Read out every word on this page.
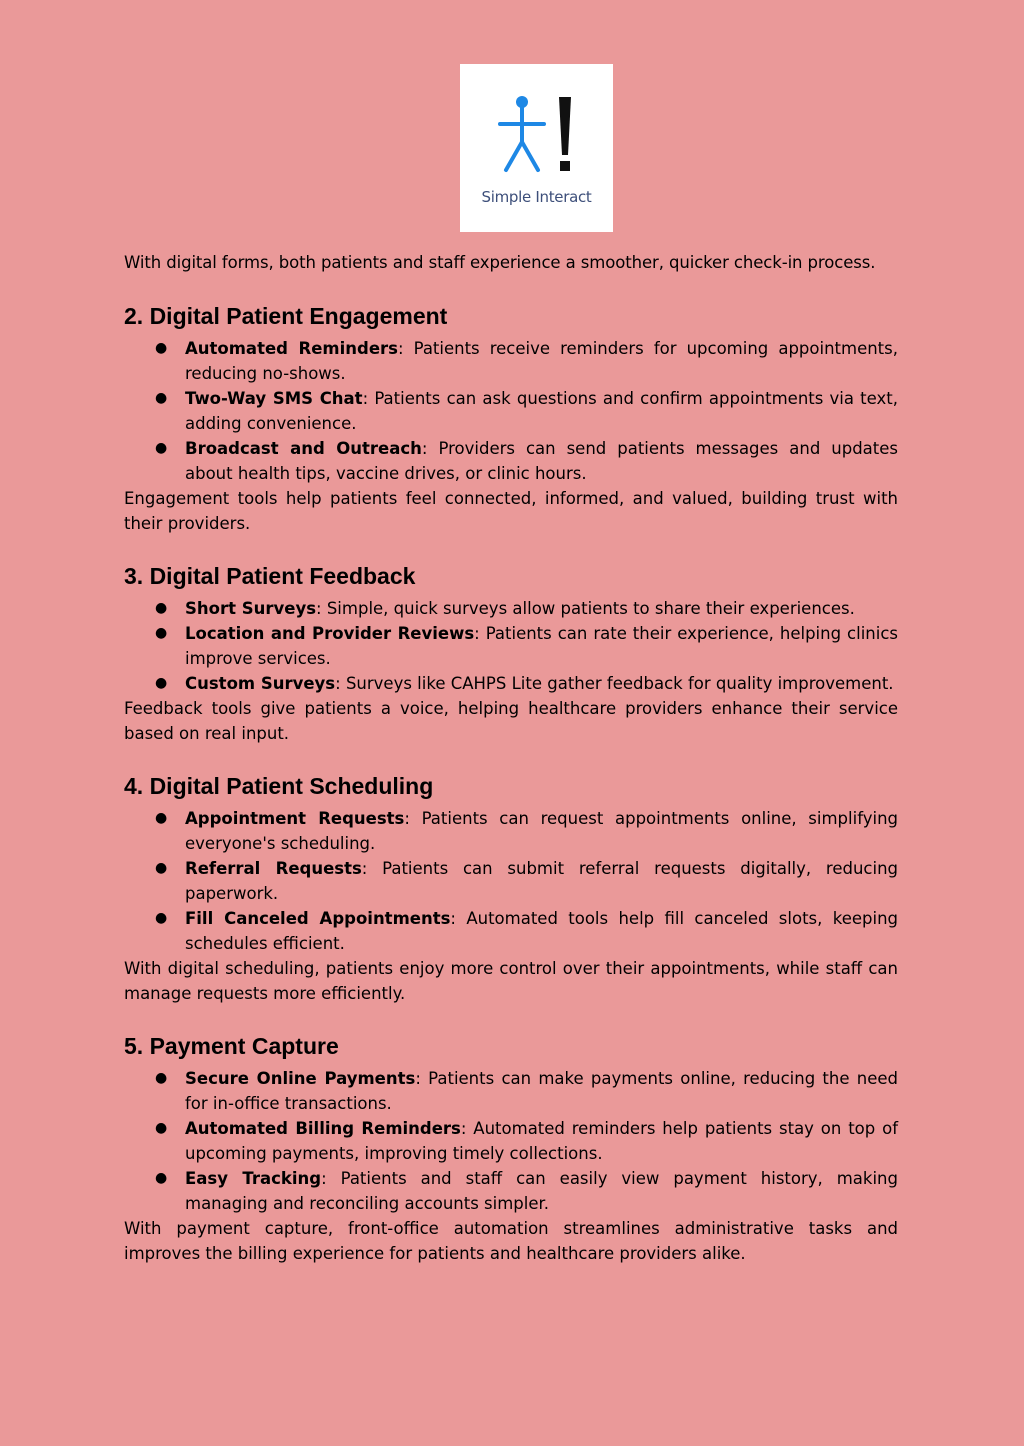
Simple Interact

With digital forms, both patients and staff experience a smoother, quicker check-in process.

2. Digital Patient Engagement
● Automated Reminders: Patients receive reminders for upcoming appointments, reducing no-shows.
● Two-Way SMS Chat: Patients can ask questions and confirm appointments via text, adding convenience.
● Broadcast and Outreach: Providers can send patients messages and updates about health tips, vaccine drives, or clinic hours.

Engagement tools help patients feel connected, informed, and valued, building trust with their providers.

3. Digital Patient Feedback
● Short Surveys: Simple, quick surveys allow patients to share their experiences.
● Location and Provider Reviews: Patients can rate their experience, helping clinics improve services.
● Custom Surveys: Surveys like CAHPS Lite gather feedback for quality improvement.

Feedback tools give patients a voice, helping healthcare providers enhance their service based on real input.

4. Digital Patient Scheduling
● Appointment Requests: Patients can request appointments online, simplifying everyone's scheduling.
● Referral Requests: Patients can submit referral requests digitally, reducing paperwork.
● Fill Canceled Appointments: Automated tools help fill canceled slots, keeping schedules efficient.

With digital scheduling, patients enjoy more control over their appointments, while staff can manage requests more efficiently.

5. Payment Capture
● Secure Online Payments: Patients can make payments online, reducing the need for in-office transactions.
● Automated Billing Reminders: Automated reminders help patients stay on top of upcoming payments, improving timely collections.
● Easy Tracking: Patients and staff can easily view payment history, making managing and reconciling accounts simpler.

With payment capture, front-office automation streamlines administrative tasks and improves the billing experience for patients and healthcare providers alike.
